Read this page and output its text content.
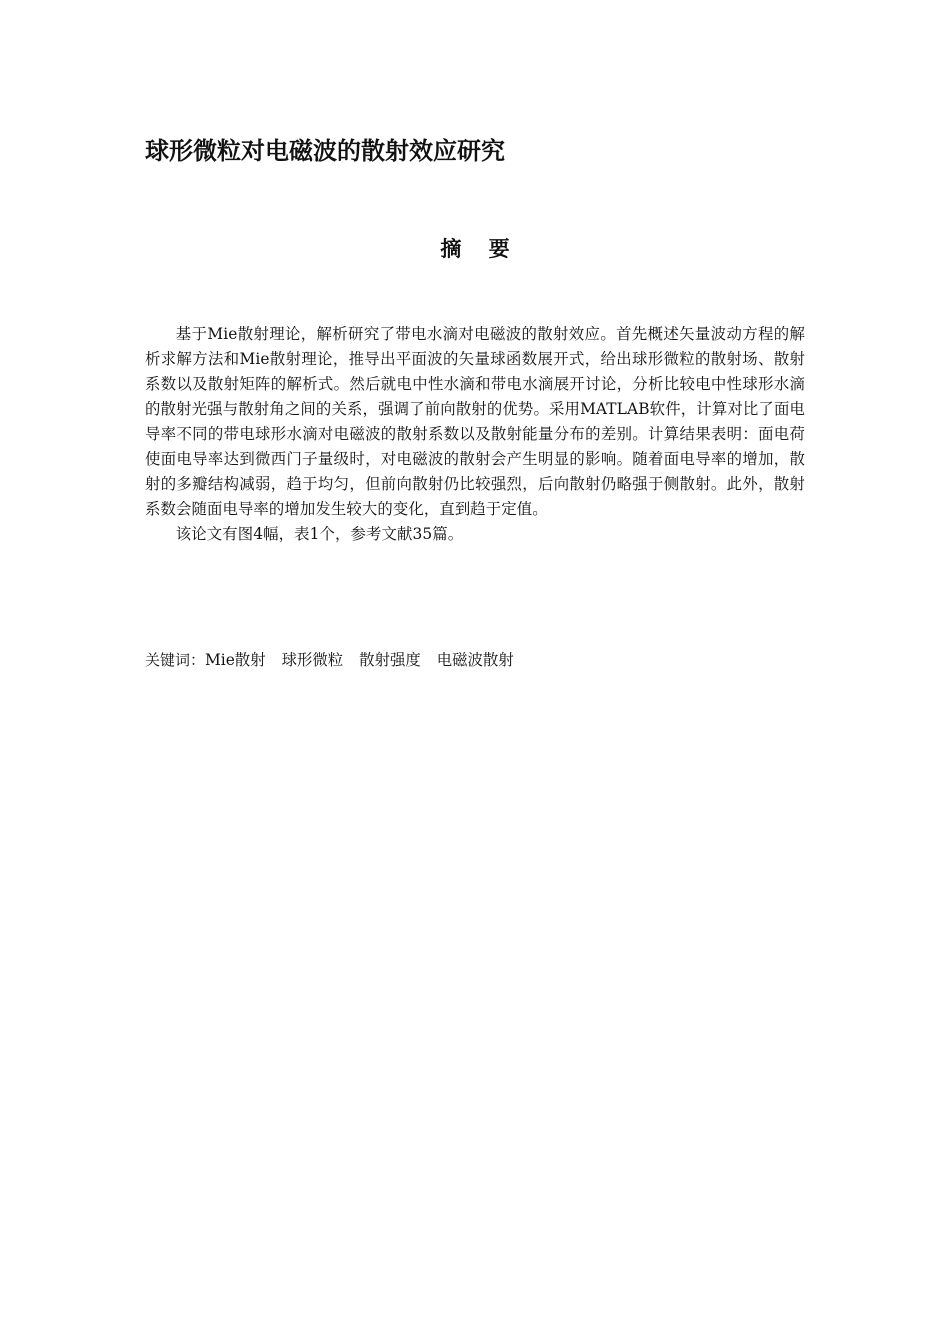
球形微粒对电磁波的散射效应研究
摘 要

基于Mie散射理论，解析研究了带电水滴对电磁波的散射效应。首先概述矢量波动方程的解析求解方法和Mie散射理论，推导出平面波的矢量球函数展开式，给出球形微粒的散射场、散射系数以及散射矩阵的解析式。然后就电中性水滴和带电水滴展开讨论，分析比较电中性球形水滴的散射光强与散射角之间的关系，强调了前向散射的优势。采用MATLAB软件，计算对比了面电导率不同的带电球形水滴对电磁波的散射系数以及散射能量分布的差别。计算结果表明：面电荷使面电导率达到微西门子量级时，对电磁波的散射会产生明显的影响。随着面电导率的增加，散射的多瓣结构减弱，趋于均匀，但前向散射仍比较强烈，后向散射仍略强于侧散射。此外，散射系数会随面电导率的增加发生较大的变化，直到趋于定值。

该论文有图4幅，表1个，参考文献35篇。

关键词：Mie散射 球形微粒 散射强度 电磁波散射
